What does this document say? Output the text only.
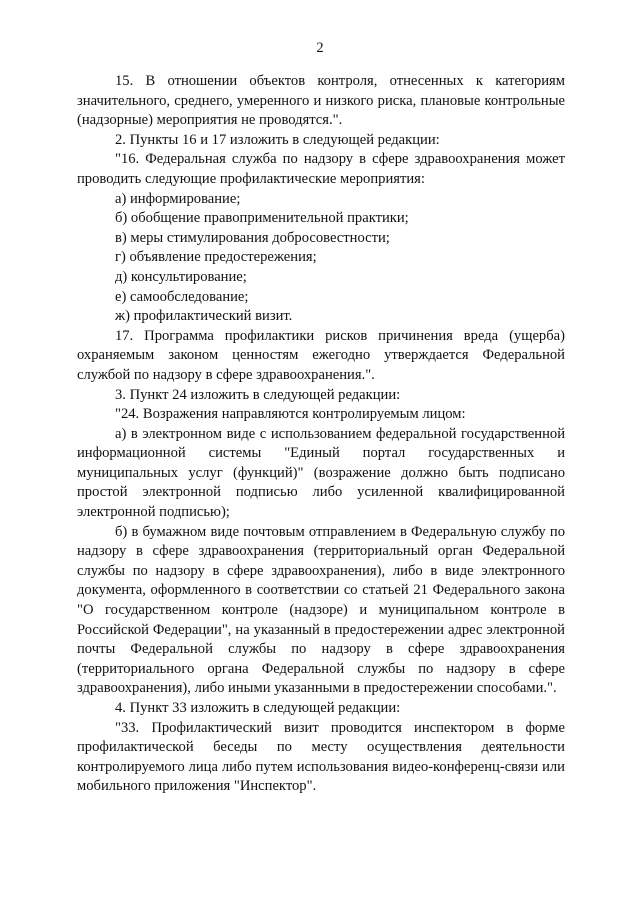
2

15. В отношении объектов контроля, отнесенных к категориям значительного, среднего, умеренного и низкого риска, плановые контрольные (надзорные) мероприятия не проводятся.".

2. Пункты 16 и 17 изложить в следующей редакции:

"16. Федеральная служба по надзору в сфере здравоохранения может проводить следующие профилактические мероприятия:

а) информирование;

б) обобщение правоприменительной практики;

в) меры стимулирования добросовестности;

г) объявление предостережения;

д) консультирование;

е) самообследование;

ж) профилактический визит.

17. Программа профилактики рисков причинения вреда (ущерба) охраняемым законом ценностям ежегодно утверждается Федеральной службой по надзору в сфере здравоохранения.".

3. Пункт 24 изложить в следующей редакции:

"24. Возражения направляются контролируемым лицом:

а) в электронном виде с использованием федеральной государственной информационной системы "Единый портал государственных и муниципальных услуг (функций)" (возражение должно быть подписано простой электронной подписью либо усиленной квалифицированной электронной подписью);

б) в бумажном виде почтовым отправлением в Федеральную службу по надзору в сфере здравоохранения (территориальный орган Федеральной службы по надзору в сфере здравоохранения), либо в виде электронного документа, оформленного в соответствии со статьей 21 Федерального закона "О государственном контроле (надзоре) и муниципальном контроле в Российской Федерации", на указанный в предостережении адрес электронной почты Федеральной службы по надзору в сфере здравоохранения (территориального органа Федеральной службы по надзору в сфере здравоохранения), либо иными указанными в предостережении способами.".

4. Пункт 33 изложить в следующей редакции:

"33. Профилактический визит проводится инспектором в форме профилактической беседы по месту осуществления деятельности контролируемого лица либо путем использования видео-конференц-связи или мобильного приложения "Инспектор".
